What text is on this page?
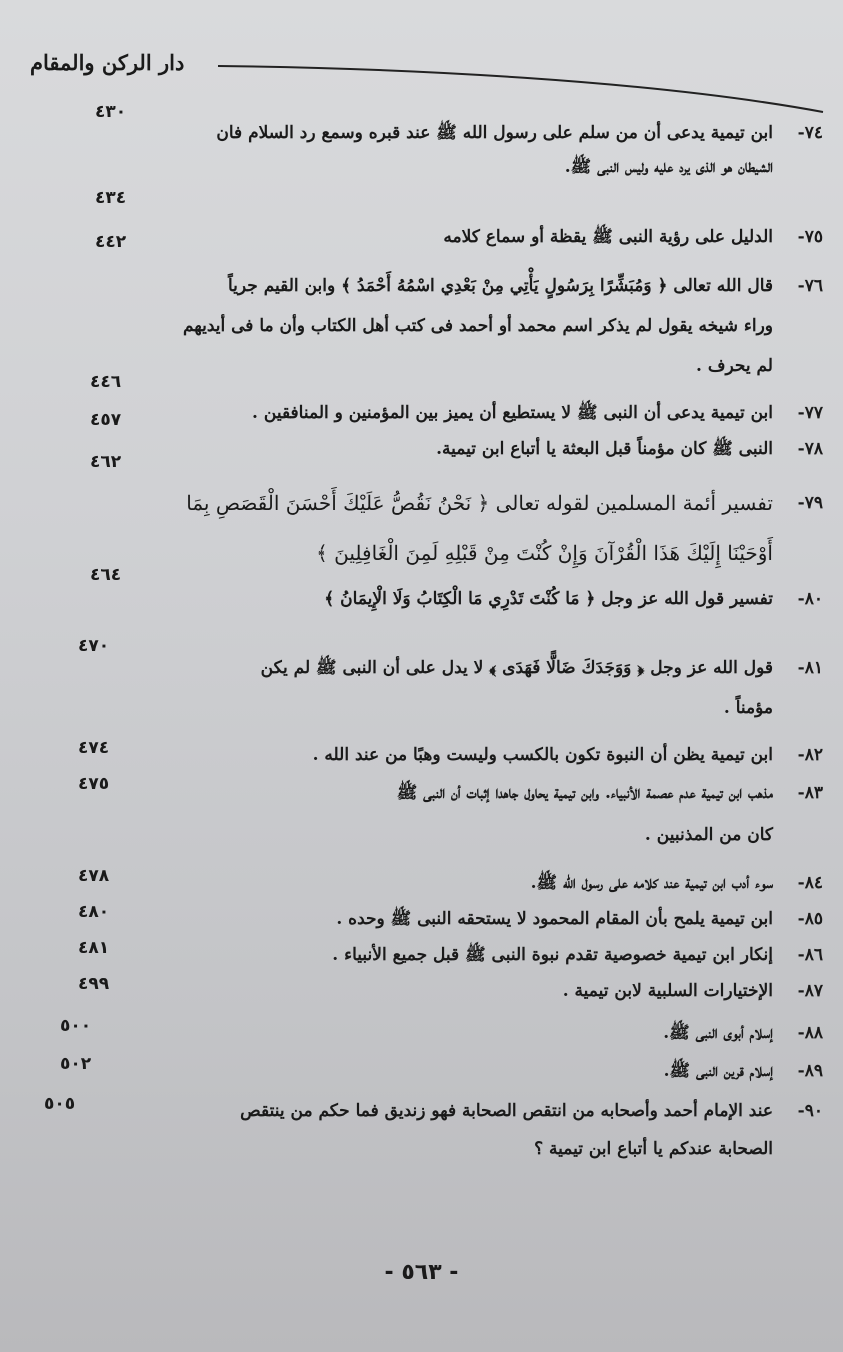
دار الركن والمقام
٧٤-
ابن تيمية يدعى أن من سلم على رسول الله ﷺ عند قبره وسمع رد السلام فان
الشيطان هو الذى يرد عليه وليس النبى ﷺ.
٤٣٠
٧٥-
الدليل على رؤية النبى ﷺ يقظة أو سماع كلامه
٤٣٤
٧٦-
قال الله تعالى ﴿ وَمُبَشِّرًا بِرَسُولٍ يَأْتِي مِنْ بَعْدِي اسْمُهُ أَحْمَدُ ﴾ وابن القيم جرياً
وراء شيخه يقول لم يذكر اسم محمد أو أحمد فى كتب أهل الكتاب وأن ما فى أيديهم
لم يحرف .
٤٤٢
٧٧-
ابن تيمية يدعى أن النبى ﷺ لا يستطيع أن يميز بين المؤمنين و المنافقين .
٤٤٦
٧٨-
النبى ﷺ كان مؤمناً قبل البعثة يا أتباع ابن تيمية.
٤٥٧
٧٩-
تفسير أئمة المسلمين لقوله تعالى ﴿ نَحْنُ نَقُصُّ عَلَيْكَ أَحْسَنَ الْقَصَصِ بِمَا
أَوْحَيْنَا إِلَيْكَ هَذَا الْقُرْآنَ وَإِنْ كُنْتَ مِنْ قَبْلِهِ لَمِنَ الْغَافِلِينَ ﴾
٤٦٢
٨٠-
تفسير قول الله عز وجل ﴿ مَا كُنْتَ تَدْرِي مَا الْكِتَابُ وَلَا الْإِيمَانُ ﴾
٤٦٤
٨١-
قول الله عز وجل ﴿ وَوَجَدَكَ ضَالًّا فَهَدَى ﴾ لا يدل على أن النبى ﷺ لم يكن
مؤمناً .
٤٧٠
٨٢-
ابن تيمية يظن أن النبوة تكون بالكسب وليست وهبًا من عند الله .
٤٧٤
٨٣-
مذهب ابن تيمية عدم عصمة الأنبياء. وابن تيمية يحاول جاهدا إثبات أن النبى ﷺ
كان من المذنبين .
٤٧٥
٨٤-
سوء أدب ابن تيمية عند كلامه على رسول الله ﷺ.
٤٧٨
٨٥-
ابن تيمية يلمح بأن المقام المحمود لا يستحقه النبى ﷺ وحده .
٤٨٠
٨٦-
إنكار ابن تيمية خصوصية تقدم نبوة النبى ﷺ قبل جميع الأنبياء .
٤٨١
٨٧-
الإختيارات السلبية لابن تيمية .
٤٩٩
٨٨-
إسلام أبوى النبى ﷺ.
٥٠٠
٨٩-
إسلام قرين النبى ﷺ.
٥٠٢
٩٠-
عند الإمام أحمد وأصحابه من انتقص الصحابة فهو زنديق فما حكم من ينتقص
الصحابة عندكم يا أتباع ابن تيمية ؟
٥٠٥
- ٥٦٣ -
